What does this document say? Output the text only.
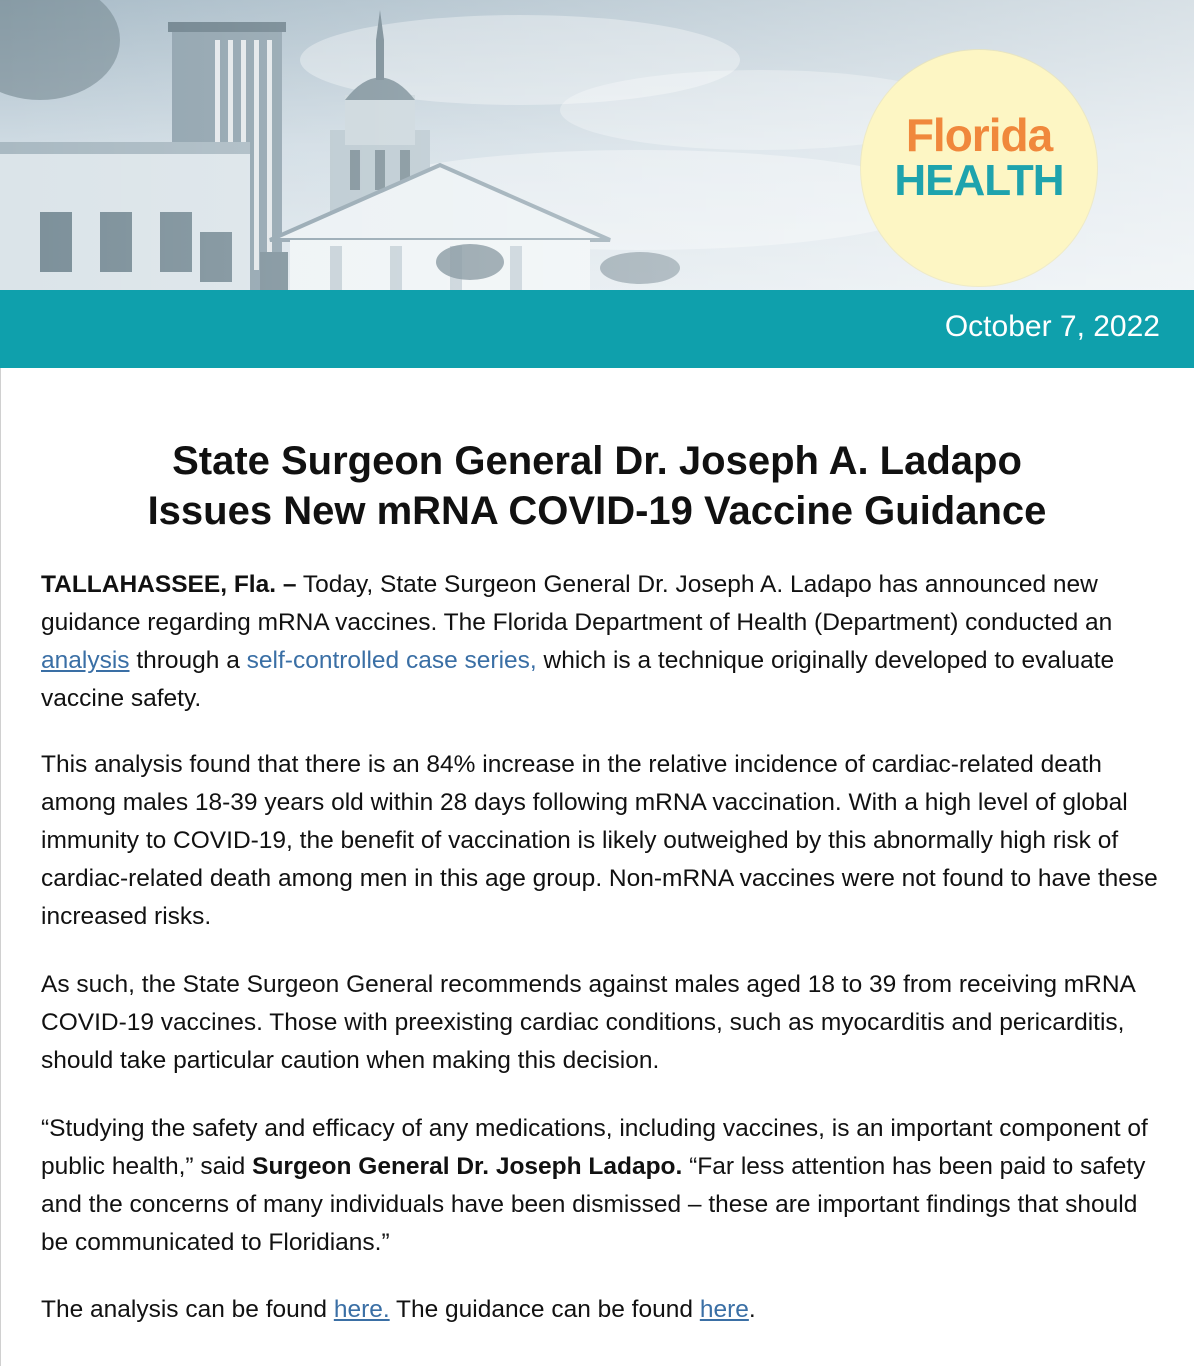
Florida
HEALTH
October 7, 2022
State Surgeon General Dr. Joseph A. Ladapo
Issues New mRNA COVID-19 Vaccine Guidance
TALLAHASSEE, Fla. – Today, State Surgeon General Dr. Joseph A. Ladapo has announced new guidance regarding mRNA vaccines. The Florida Department of Health (Department) conducted an analysis through a self-controlled case series, which is a technique originally developed to evaluate vaccine safety.
This analysis found that there is an 84% increase in the relative incidence of cardiac-related death among males 18-39 years old within 28 days following mRNA vaccination. With a high level of global immunity to COVID-19, the benefit of vaccination is likely outweighed by this abnormally high risk of cardiac-related death among men in this age group. Non-mRNA vaccines were not found to have these increased risks.
As such, the State Surgeon General recommends against males aged 18 to 39 from receiving mRNA COVID-19 vaccines. Those with preexisting cardiac conditions, such as myocarditis and pericarditis, should take particular caution when making this decision.
“Studying the safety and efficacy of any medications, including vaccines, is an important component of public health,” said Surgeon General Dr. Joseph Ladapo. “Far less attention has been paid to safety and the concerns of many individuals have been dismissed – these are important findings that should be communicated to Floridians.”
The analysis can be found here. The guidance can be found here.
